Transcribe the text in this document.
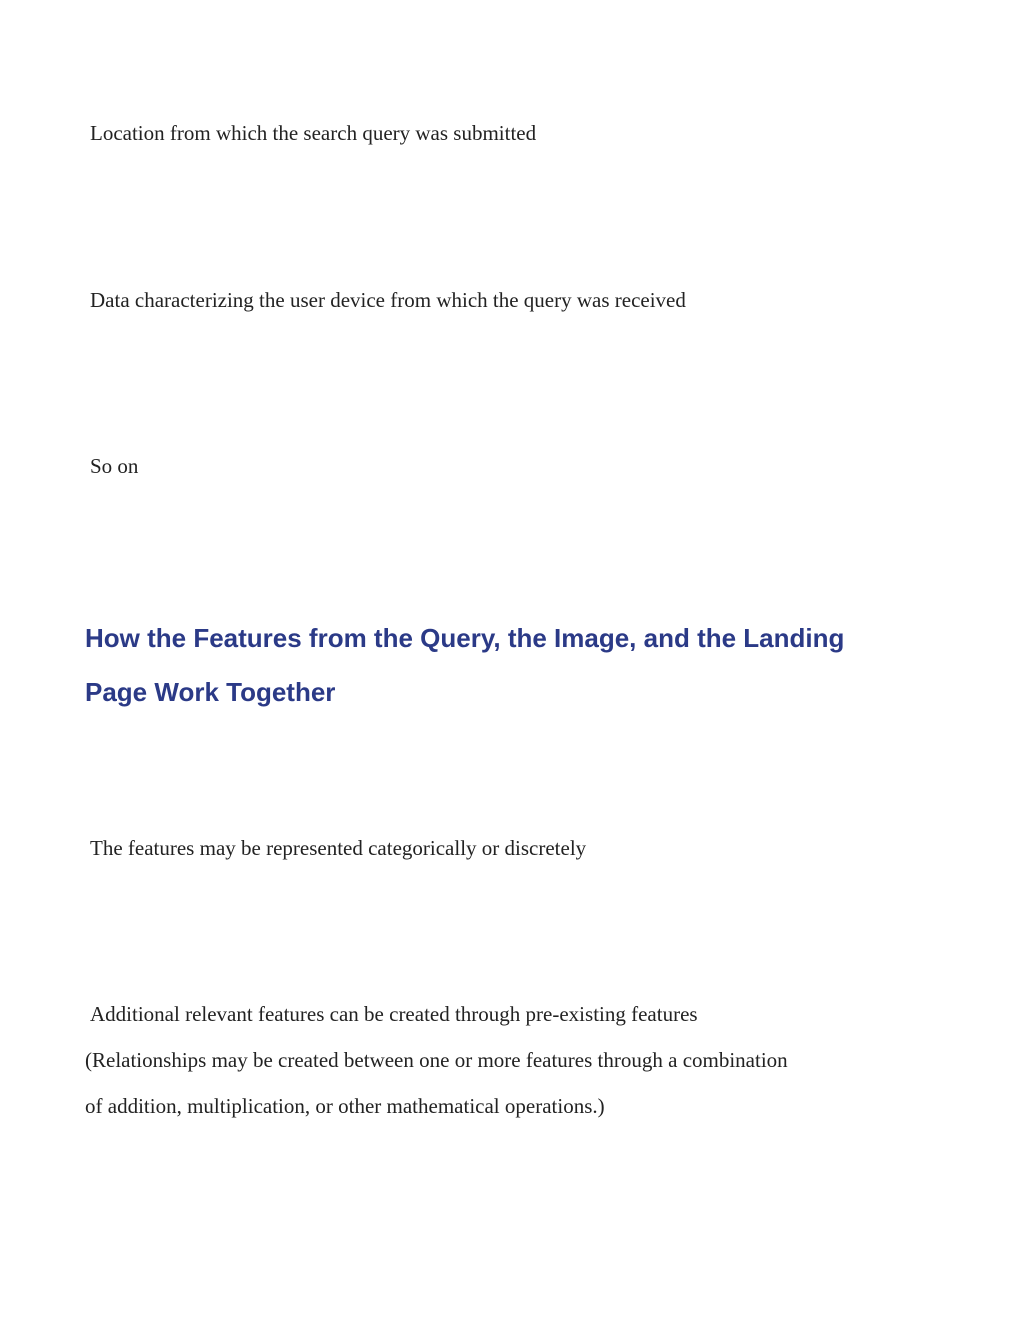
Location from which the search query was submitted

Data characterizing the user device from which the query was received

So on

How the Features from the Query, the Image, and the Landing
Page Work Together

The features may be represented categorically or discretely

Additional relevant features can be created through pre-existing features
(Relationships may be created between one or more features through a combination
of addition, multiplication, or other mathematical operations.)
